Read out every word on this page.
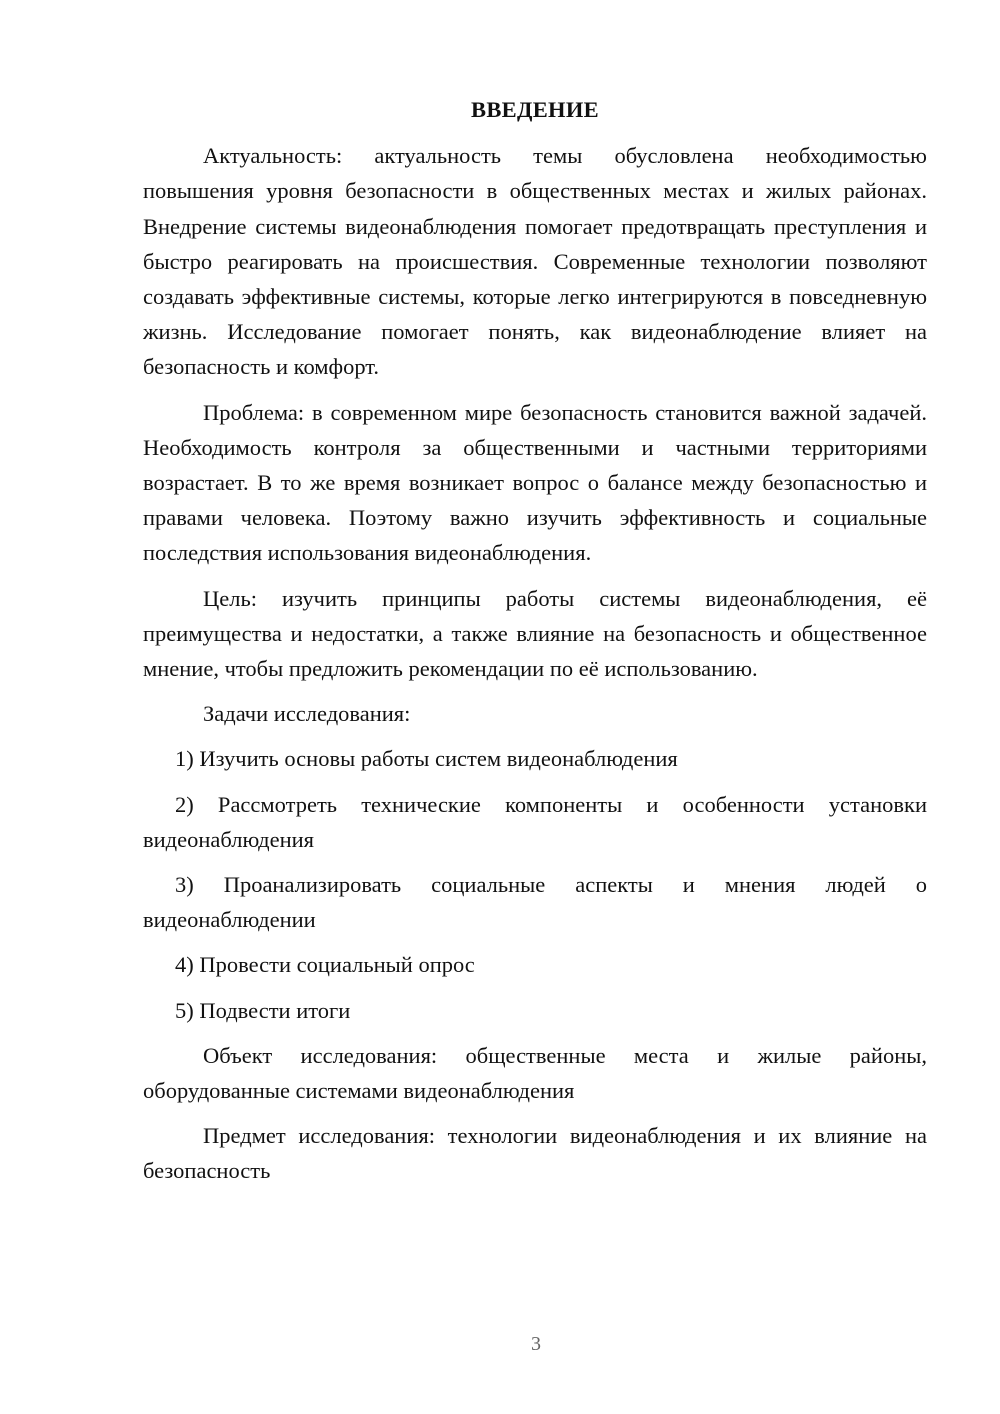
ВВЕДЕНИЕ

Актуальность: актуальность темы обусловлена необходимостью повышения уровня безопасности в общественных местах и жилых районах. Внедрение системы видеонаблюдения помогает предотвращать преступления и быстро реагировать на происшествия. Современные технологии позволяют создавать эффективные системы, которые легко интегрируются в повседневную жизнь. Исследование помогает понять, как видеонаблюдение влияет на безопасность и комфорт.

Проблема: в современном мире безопасность становится важной задачей. Необходимость контроля за общественными и частными территориями возрастает. В то же время возникает вопрос о балансе между безопасностью и правами человека. Поэтому важно изучить эффективность и социальные последствия использования видеонаблюдения.

Цель: изучить принципы работы системы видеонаблюдения, её преимущества и недостатки, а также влияние на безопасность и общественное мнение, чтобы предложить рекомендации по её использованию.

Задачи исследования:

1) Изучить основы работы систем видеонаблюдения

2) Рассмотреть технические компоненты и особенности установки видеонаблюдения

3) Проанализировать социальные аспекты и мнения людей о видеонаблюдении

4) Провести социальный опрос

5) Подвести итоги

Объект исследования: общественные места и жилые районы, оборудованные системами видеонаблюдения

Предмет исследования: технологии видеонаблюдения и их влияние на безопасность

3
